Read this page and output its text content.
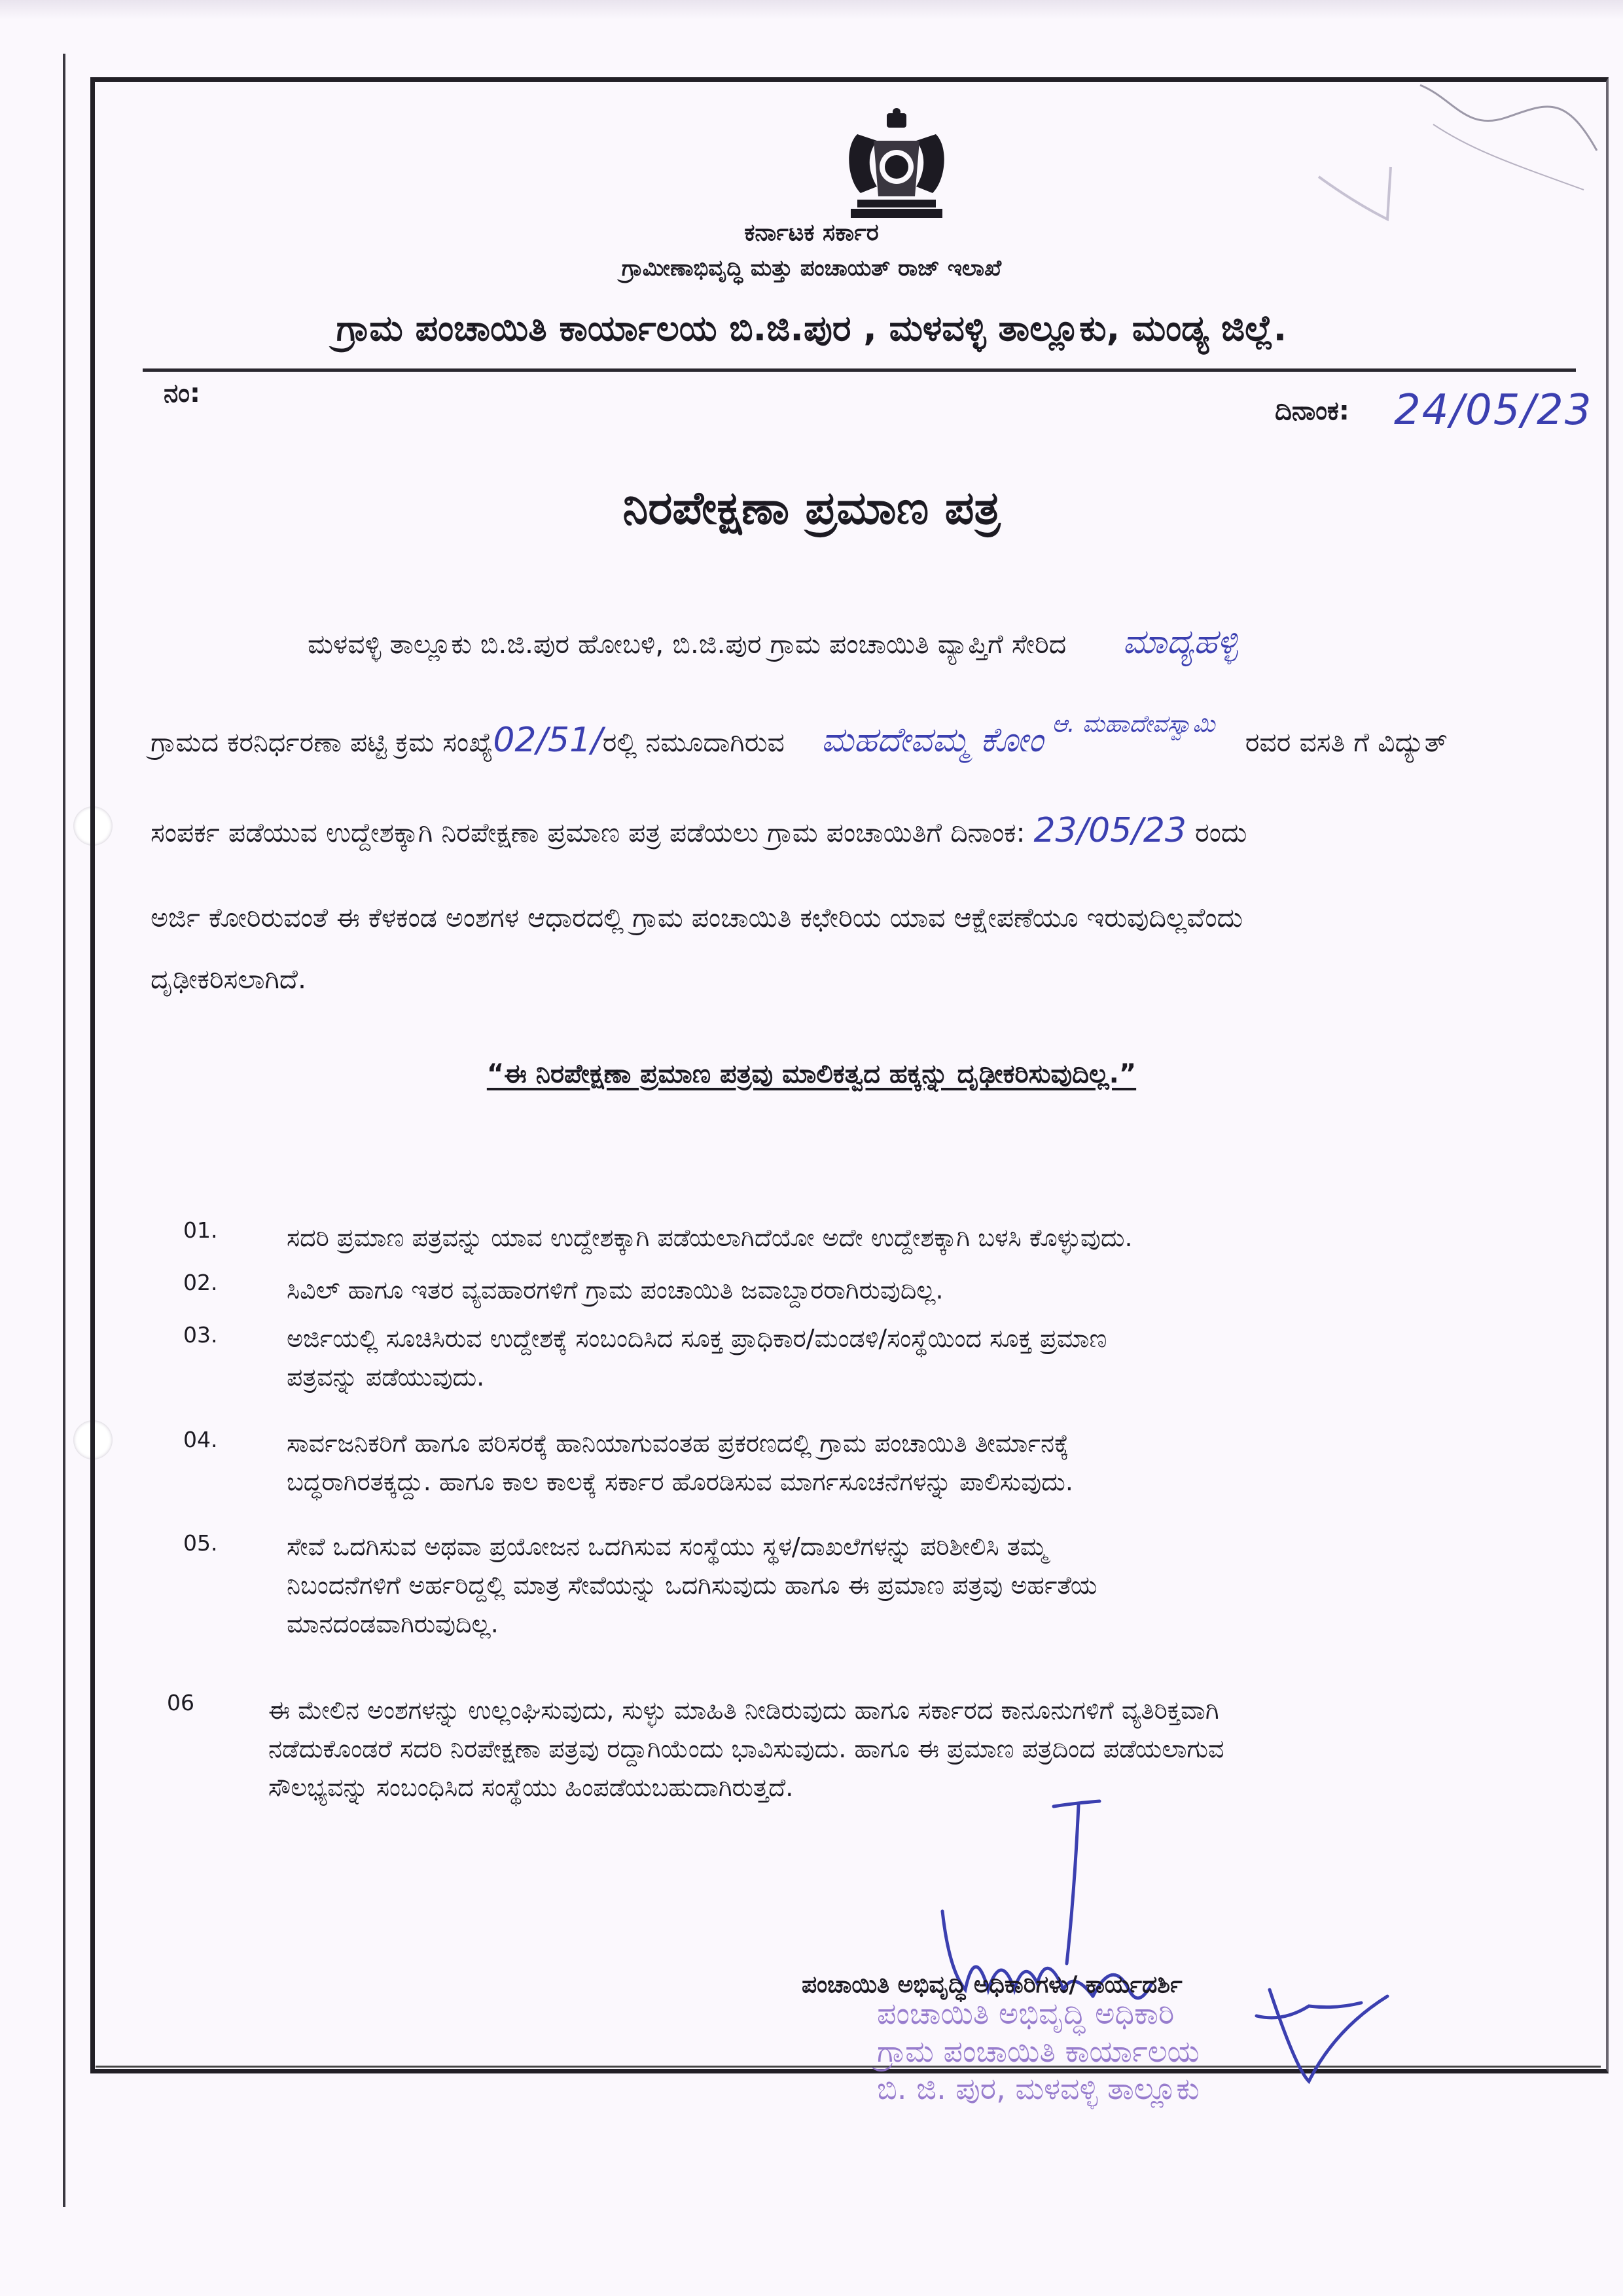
ಕರ್ನಾಟಕ ಸರ್ಕಾರ
ಗ್ರಾಮೀಣಾಭಿವೃದ್ಧಿ ಮತ್ತು ಪಂಚಾಯತ್ ರಾಜ್ ಇಲಾಖೆ
ಗ್ರಾಮ ಪಂಚಾಯಿತಿ ಕಾರ್ಯಾಲಯ ಬಿ.ಜಿ.ಪುರ , ಮಳವಳ್ಳಿ ತಾಲ್ಲೂಕು, ಮಂಡ್ಯ ಜಿಲ್ಲೆ.
ನಂ:
ದಿನಾಂಕ: 24/05/23
ನಿರಪೇಕ್ಷಣಾ ಪ್ರಮಾಣ ಪತ್ರ
ಮಳವಳ್ಳಿ ತಾಲ್ಲೂಕು ಬಿ.ಜಿ.ಪುರ ಹೋಬಳಿ, ಬಿ.ಜಿ.ಪುರ ಗ್ರಾಮ ಪಂಚಾಯಿತಿ ವ್ಯಾಪ್ತಿಗೆ ಸೇರಿದ ಮಾದ್ಯಹಳ್ಳಿ
ಗ್ರಾಮದ ಕರನಿರ್ಧರಣಾ ಪಟ್ಟಿ ಕ್ರಮ ಸಂಖ್ಯೆ02/51/ರಲ್ಲಿ ನಮೂದಾಗಿರುವ ಮಹದೇವಮ್ಮ ಕೋಂ ಆ. ಮಹಾದೇವಸ್ವಾಮಿ  ರವರ ವಸತಿ ಗೆ ವಿದ್ಯುತ್
ಸಂಪರ್ಕ ಪಡೆಯುವ ಉದ್ದೇಶಕ್ಕಾಗಿ ನಿರಪೇಕ್ಷಣಾ ಪ್ರಮಾಣ ಪತ್ರ ಪಡೆಯಲು ಗ್ರಾಮ ಪಂಚಾಯಿತಿಗೆ ದಿನಾಂಕ: 23/05/23 ರಂದು
ಅರ್ಜಿ ಕೋರಿರುವಂತೆ ಈ ಕೆಳಕಂಡ ಅಂಶಗಳ ಆಧಾರದಲ್ಲಿ ಗ್ರಾಮ ಪಂಚಾಯಿತಿ ಕಛೇರಿಯ ಯಾವ ಆಕ್ಷೇಪಣೆಯೂ ಇರುವುದಿಲ್ಲವೆಂದು
ದೃಢೀಕರಿಸಲಾಗಿದೆ.
“ಈ ನಿರಪೇಕ್ಷಣಾ ಪ್ರಮಾಣ ಪತ್ರವು ಮಾಲಿಕತ್ವದ ಹಕ್ಕನ್ನು ದೃಢೀಕರಿಸುವುದಿಲ್ಲ.”
01.	ಸದರಿ ಪ್ರಮಾಣ ಪತ್ರವನ್ನು ಯಾವ ಉದ್ದೇಶಕ್ಕಾಗಿ ಪಡೆಯಲಾಗಿದೆಯೋ ಅದೇ ಉದ್ದೇಶಕ್ಕಾಗಿ ಬಳಸಿ ಕೊಳ್ಳುವುದು.
02.	ಸಿವಿಲ್ ಹಾಗೂ ಇತರ ವ್ಯವಹಾರಗಳಿಗೆ ಗ್ರಾಮ ಪಂಚಾಯಿತಿ ಜವಾಬ್ದಾರರಾಗಿರುವುದಿಲ್ಲ.
03.	ಅರ್ಜಿಯಲ್ಲಿ ಸೂಚಿಸಿರುವ ಉದ್ದೇಶಕ್ಕೆ ಸಂಬಂದಿಸಿದ ಸೂಕ್ತ ಪ್ರಾಧಿಕಾರ/ಮಂಡಳಿ/ಸಂಸ್ಥೆಯಿಂದ ಸೂಕ್ತ ಪ್ರಮಾಣ
ಪತ್ರವನ್ನು ಪಡೆಯುವುದು.
04.	ಸಾರ್ವಜನಿಕರಿಗೆ ಹಾಗೂ ಪರಿಸರಕ್ಕೆ ಹಾನಿಯಾಗುವಂತಹ ಪ್ರಕರಣದಲ್ಲಿ ಗ್ರಾಮ ಪಂಚಾಯಿತಿ ತೀರ್ಮಾನಕ್ಕೆ
ಬದ್ಧರಾಗಿರತಕ್ಕದ್ದು. ಹಾಗೂ ಕಾಲ ಕಾಲಕ್ಕೆ ಸರ್ಕಾರ ಹೊರಡಿಸುವ ಮಾರ್ಗಸೂಚನೆಗಳನ್ನು ಪಾಲಿಸುವುದು.
05.	ಸೇವೆ ಒದಗಿಸುವ ಅಥವಾ ಪ್ರಯೋಜನ ಒದಗಿಸುವ ಸಂಸ್ಥೆಯು ಸ್ಥಳ/ದಾಖಲೆಗಳನ್ನು ಪರಿಶೀಲಿಸಿ ತಮ್ಮ
ನಿಬಂದನೆಗಳಿಗೆ ಅರ್ಹರಿದ್ದಲ್ಲಿ ಮಾತ್ರ ಸೇವೆಯನ್ನು ಒದಗಿಸುವುದು ಹಾಗೂ ಈ ಪ್ರಮಾಣ ಪತ್ರವು ಅರ್ಹತೆಯ
ಮಾನದಂಡವಾಗಿರುವುದಿಲ್ಲ.
06	ಈ ಮೇಲಿನ ಅಂಶಗಳನ್ನು ಉಲ್ಲಂಘಿಸುವುದು, ಸುಳ್ಳು ಮಾಹಿತಿ ನೀಡಿರುವುದು ಹಾಗೂ ಸರ್ಕಾರದ ಕಾನೂನುಗಳಿಗೆ ವ್ಯತಿರಿಕ್ತವಾಗಿ
ನಡೆದುಕೊಂಡರೆ ಸದರಿ ನಿರಪೇಕ್ಷಣಾ ಪತ್ರವು ರದ್ದಾಗಿಯೆಂದು ಭಾವಿಸುವುದು. ಹಾಗೂ ಈ ಪ್ರಮಾಣ ಪತ್ರದಿಂದ ಪಡೆಯಲಾಗುವ
ಸೌಲಭ್ಯವನ್ನು ಸಂಬಂಧಿಸಿದ ಸಂಸ್ಥೆಯು ಹಿಂಪಡೆಯಬಹುದಾಗಿರುತ್ತದೆ.
ಪಂಚಾಯಿತಿ ಅಭಿವೃದ್ಧಿ ಅಧಿಕಾರಿಗಳು/ ಕಾರ್ಯದರ್ಶಿ
ಪಂಚಾಯಿತಿ ಅಭಿವೃದ್ಧಿ ಅಧಿಕಾರಿ
ಗ್ರಾಮ ಪಂಚಾಯಿತಿ ಕಾರ್ಯಾಲಯ
ಬಿ. ಜಿ. ಪುರ, ಮಳವಳ್ಳಿ ತಾಲ್ಲೂಕು
